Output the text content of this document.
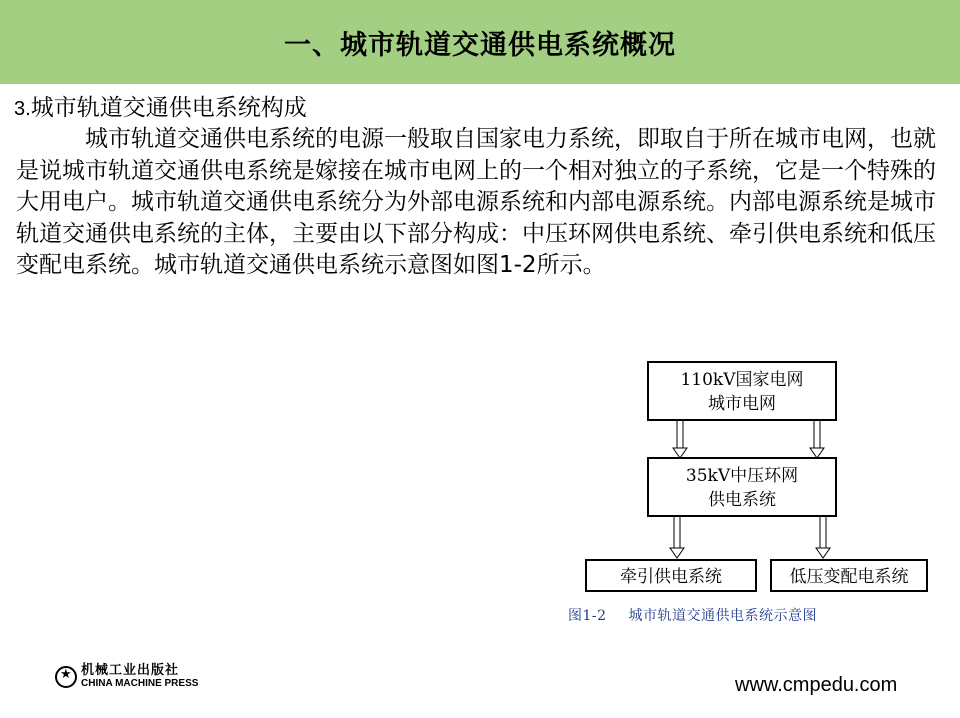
一、城市轨道交通供电系统概况
3.城市轨道交通供电系统构成
城市轨道交通供电系统的电源一般取自国家电力系统，即取自于所在城市电网，也就是说城市轨道交通供电系统是嫁接在城市电网上的一个相对独立的子系统，它是一个特殊的大用电户。城市轨道交通供电系统分为外部电源系统和内部电源系统。内部电源系统是城市轨道交通供电系统的主体，主要由以下部分构成：中压环网供电系统、牵引供电系统和低压变配电系统。城市轨道交通供电系统示意图如图1-2所示。
110kV国家电网
城市电网
35kV中压环网
供电系统
牵引供电系统	低压变配电系统
图1-2 城市轨道交通供电系统示意图
★
机械工业出版社
CHINA MACHINE PRESS	www.cmpedu.com
